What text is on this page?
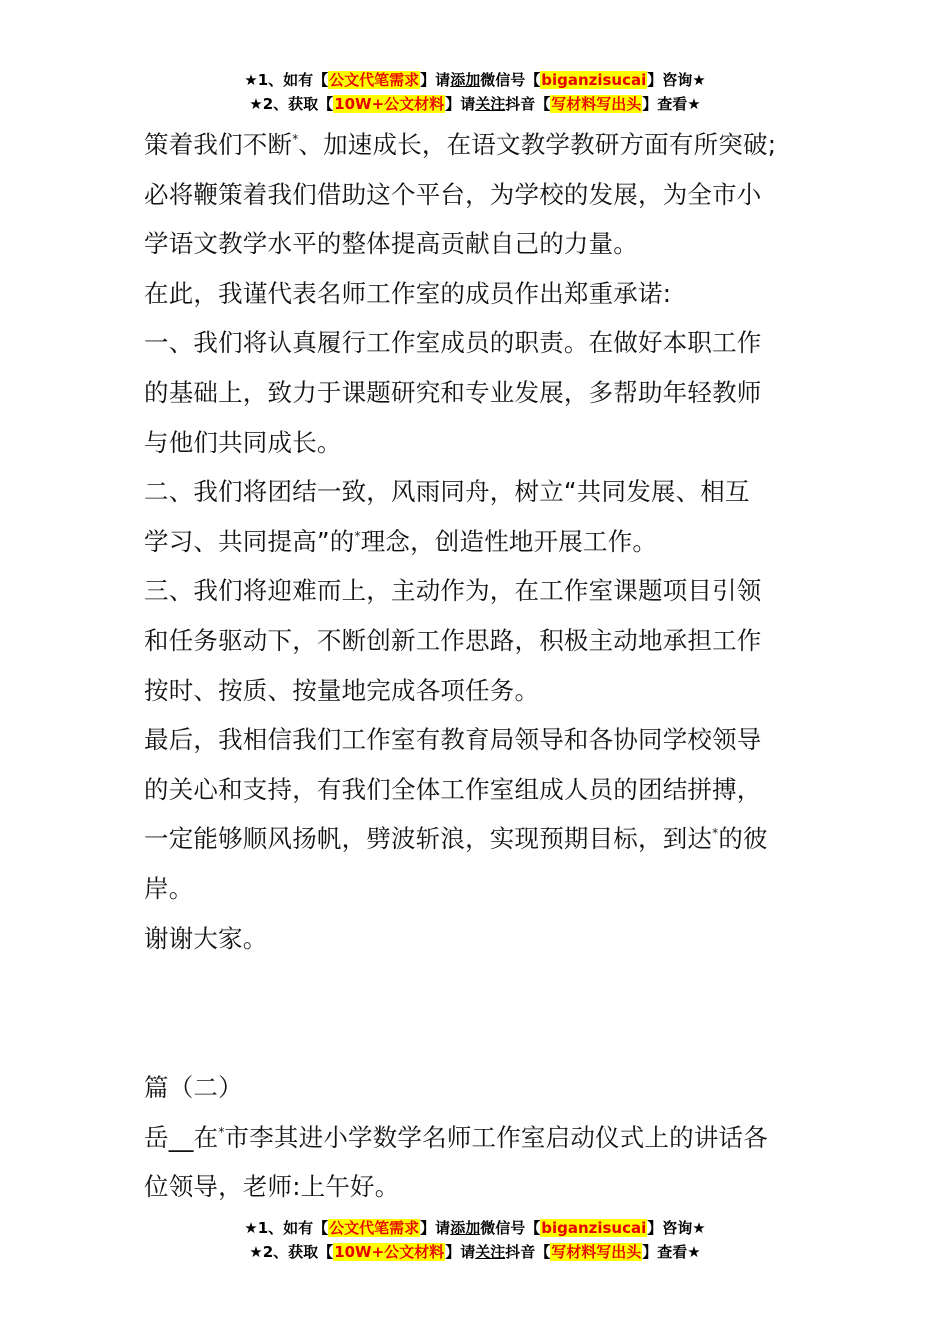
★1、如有【公文代笔需求】请添加微信号【biganzisucai】咨询★
★2、获取【10W+公文材料】请关注抖音【写材料写出头】查看★

策着我们不断*、加速成长，在语文教学教研方面有所突破;

必将鞭策着我们借助这个平台，为学校的发展，为全市小

学语文教学水平的整体提高贡献自己的力量。

在此，我谨代表名师工作室的成员作出郑重承诺:

一、我们将认真履行工作室成员的职责。在做好本职工作

的基础上，致力于课题研究和专业发展，多帮助年轻教师

与他们共同成长。

二、我们将团结一致，风雨同舟，树立“共同发展、相互

学习、共同提高”的*理念，创造性地开展工作。

三、我们将迎难而上，主动作为，在工作室课题项目引领

和任务驱动下，不断创新工作思路，积极主动地承担工作

按时、按质、按量地完成各项任务。

最后，我相信我们工作室有教育局领导和各协同学校领导

的关心和支持，有我们全体工作室组成人员的团结拼搏，

一定能够顺风扬帆，劈波斩浪，实现预期目标，到达*的彼

岸。

谢谢大家。

篇（二）

岳__在*市李其进小学数学名师工作室启动仪式上的讲话各

位领导，老师:上午好。

★1、如有【公文代笔需求】请添加微信号【biganzisucai】咨询★
★2、获取【10W+公文材料】请关注抖音【写材料写出头】查看★
